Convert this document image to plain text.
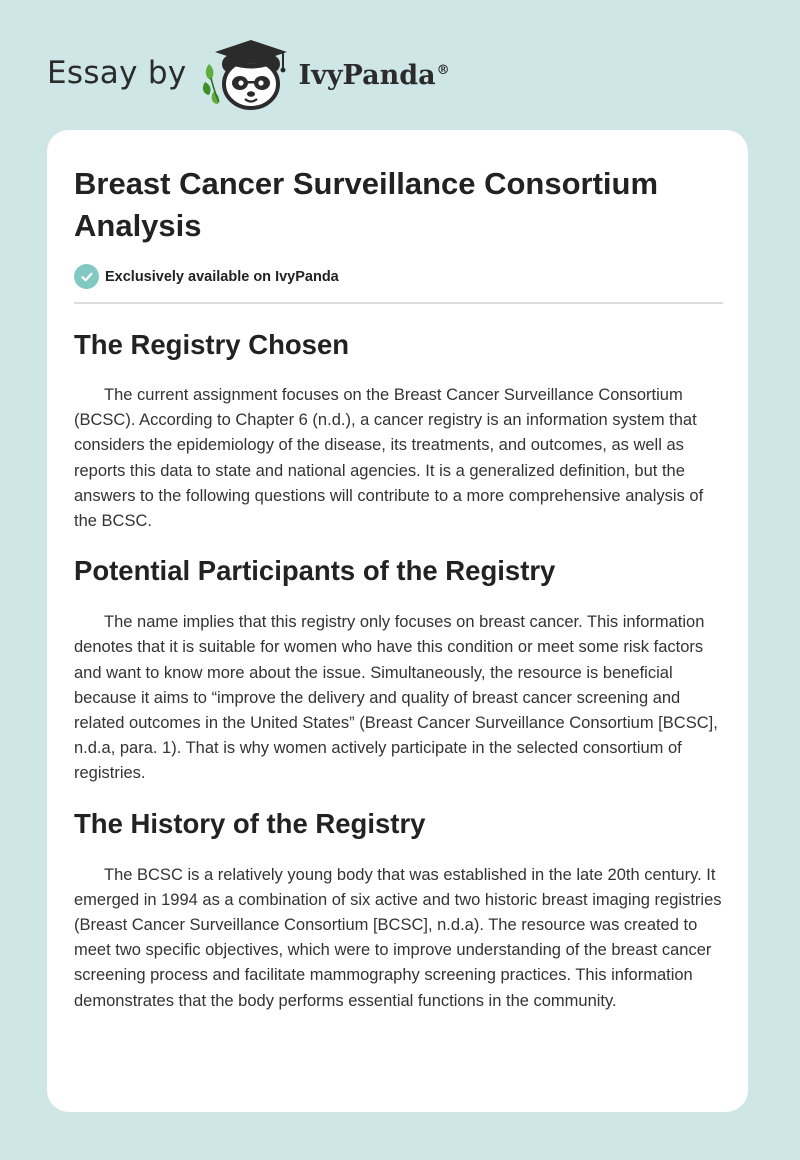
Essay by	IvyPanda®
Breast Cancer Surveillance Consortium Analysis
Exclusively available on IvyPanda
The Registry Chosen

The current assignment focuses on the Breast Cancer Surveillance Consortium (BCSC). According to Chapter 6 (n.d.), a cancer registry is an information system that considers the epidemiology of the disease, its treatments, and outcomes, as well as reports this data to state and national agencies. It is a generalized definition, but the answers to the following questions will contribute to a more comprehensive analysis of the BCSC.

Potential Participants of the Registry

The name implies that this registry only focuses on breast cancer. This information denotes that it is suitable for women who have this condition or meet some risk factors and want to know more about the issue. Simultaneously, the resource is beneficial because it aims to “improve the delivery and quality of breast cancer screening and related outcomes in the United States” (Breast Cancer Surveillance Consortium [BCSC], n.d.a, para. 1). That is why women actively participate in the selected consortium of registries.

The History of the Registry

The BCSC is a relatively young body that was established in the late 20th century. It emerged in 1994 as a combination of six active and two historic breast imaging registries (Breast Cancer Surveillance Consortium [BCSC], n.d.a). The resource was created to meet two specific objectives, which were to improve understanding of the breast cancer screening process and facilitate mammography screening practices. This information demonstrates that the body performs essential functions in the community.
